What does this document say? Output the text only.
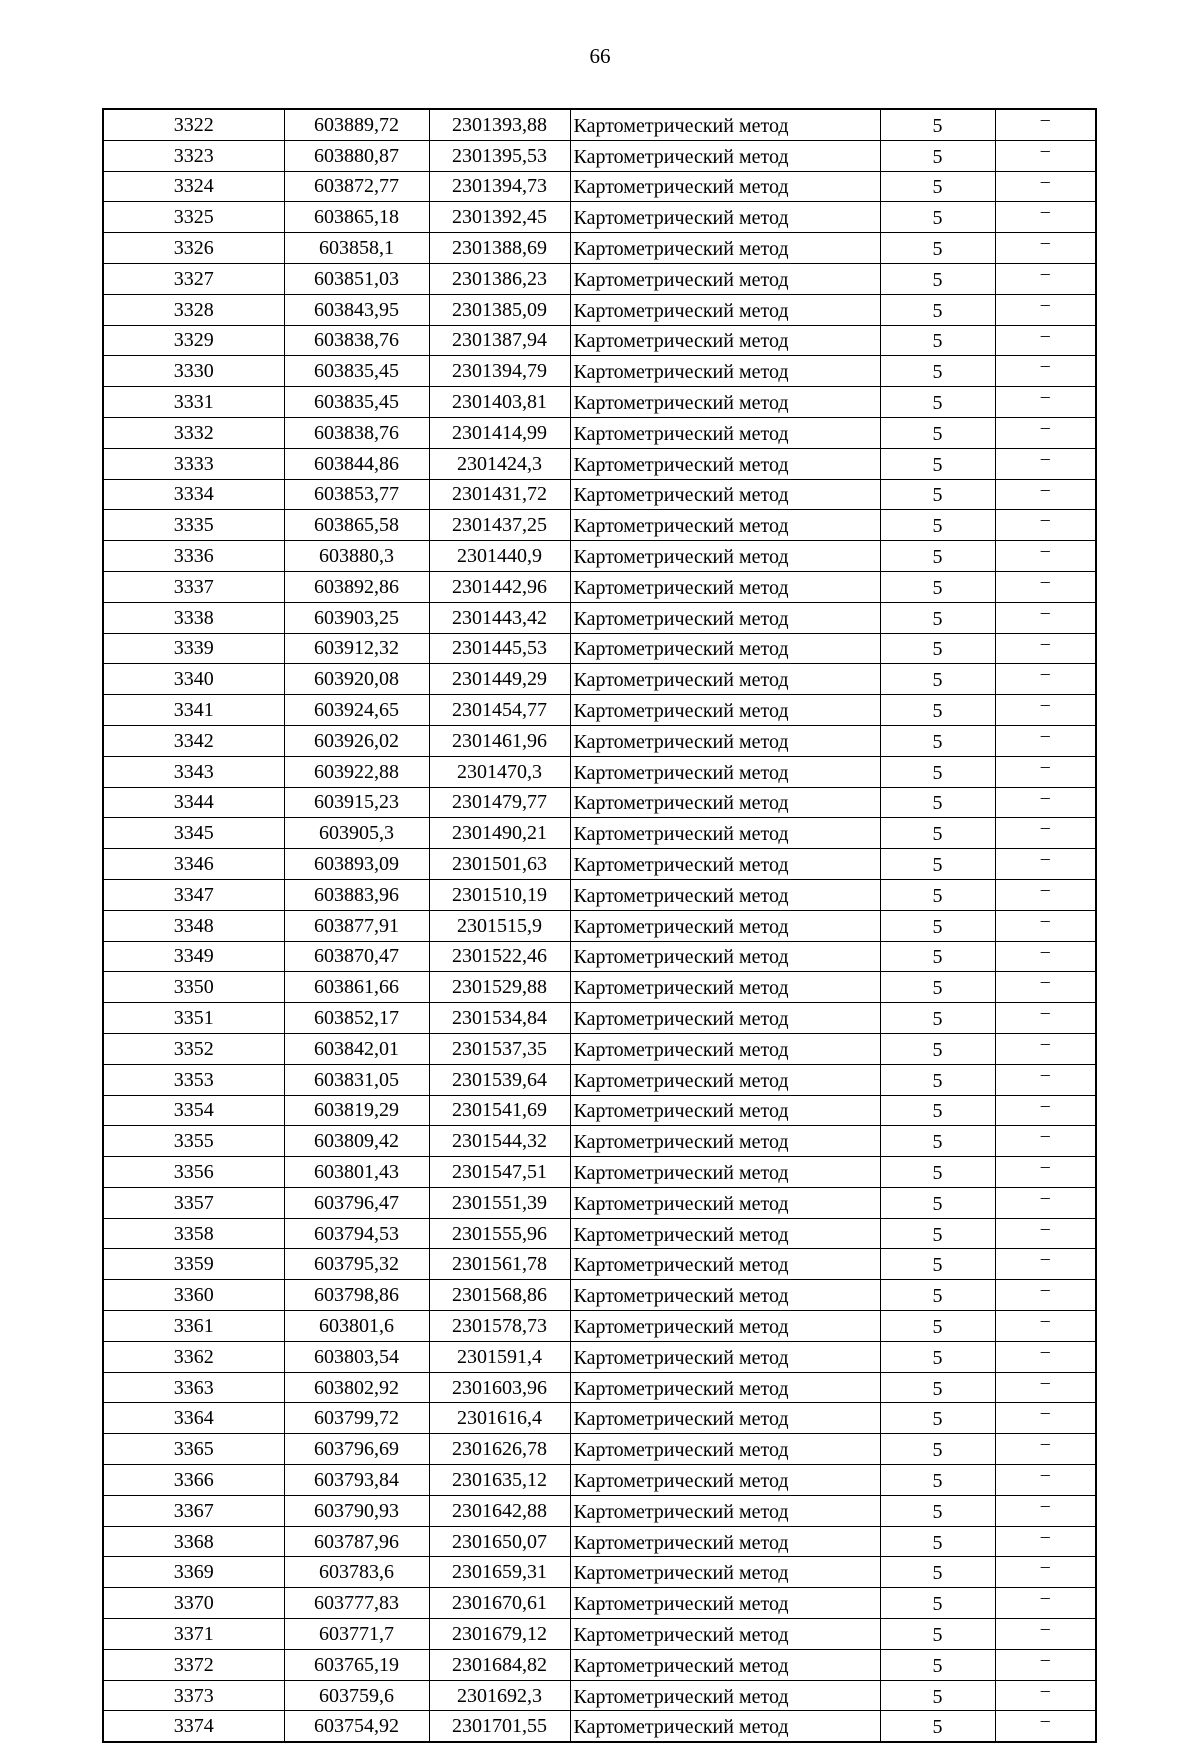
66
3322	603889,72	2301393,88	Картометрический метод	5	–
3323	603880,87	2301395,53	Картометрический метод	5	–
3324	603872,77	2301394,73	Картометрический метод	5	–
3325	603865,18	2301392,45	Картометрический метод	5	–
3326	603858,1	2301388,69	Картометрический метод	5	–
3327	603851,03	2301386,23	Картометрический метод	5	–
3328	603843,95	2301385,09	Картометрический метод	5	–
3329	603838,76	2301387,94	Картометрический метод	5	–
3330	603835,45	2301394,79	Картометрический метод	5	–
3331	603835,45	2301403,81	Картометрический метод	5	–
3332	603838,76	2301414,99	Картометрический метод	5	–
3333	603844,86	2301424,3	Картометрический метод	5	–
3334	603853,77	2301431,72	Картометрический метод	5	–
3335	603865,58	2301437,25	Картометрический метод	5	–
3336	603880,3	2301440,9	Картометрический метод	5	–
3337	603892,86	2301442,96	Картометрический метод	5	–
3338	603903,25	2301443,42	Картометрический метод	5	–
3339	603912,32	2301445,53	Картометрический метод	5	–
3340	603920,08	2301449,29	Картометрический метод	5	–
3341	603924,65	2301454,77	Картометрический метод	5	–
3342	603926,02	2301461,96	Картометрический метод	5	–
3343	603922,88	2301470,3	Картометрический метод	5	–
3344	603915,23	2301479,77	Картометрический метод	5	–
3345	603905,3	2301490,21	Картометрический метод	5	–
3346	603893,09	2301501,63	Картометрический метод	5	–
3347	603883,96	2301510,19	Картометрический метод	5	–
3348	603877,91	2301515,9	Картометрический метод	5	–
3349	603870,47	2301522,46	Картометрический метод	5	–
3350	603861,66	2301529,88	Картометрический метод	5	–
3351	603852,17	2301534,84	Картометрический метод	5	–
3352	603842,01	2301537,35	Картометрический метод	5	–
3353	603831,05	2301539,64	Картометрический метод	5	–
3354	603819,29	2301541,69	Картометрический метод	5	–
3355	603809,42	2301544,32	Картометрический метод	5	–
3356	603801,43	2301547,51	Картометрический метод	5	–
3357	603796,47	2301551,39	Картометрический метод	5	–
3358	603794,53	2301555,96	Картометрический метод	5	–
3359	603795,32	2301561,78	Картометрический метод	5	–
3360	603798,86	2301568,86	Картометрический метод	5	–
3361	603801,6	2301578,73	Картометрический метод	5	–
3362	603803,54	2301591,4	Картометрический метод	5	–
3363	603802,92	2301603,96	Картометрический метод	5	–
3364	603799,72	2301616,4	Картометрический метод	5	–
3365	603796,69	2301626,78	Картометрический метод	5	–
3366	603793,84	2301635,12	Картометрический метод	5	–
3367	603790,93	2301642,88	Картометрический метод	5	–
3368	603787,96	2301650,07	Картометрический метод	5	–
3369	603783,6	2301659,31	Картометрический метод	5	–
3370	603777,83	2301670,61	Картометрический метод	5	–
3371	603771,7	2301679,12	Картометрический метод	5	–
3372	603765,19	2301684,82	Картометрический метод	5	–
3373	603759,6	2301692,3	Картометрический метод	5	–
3374	603754,92	2301701,55	Картометрический метод	5	–
